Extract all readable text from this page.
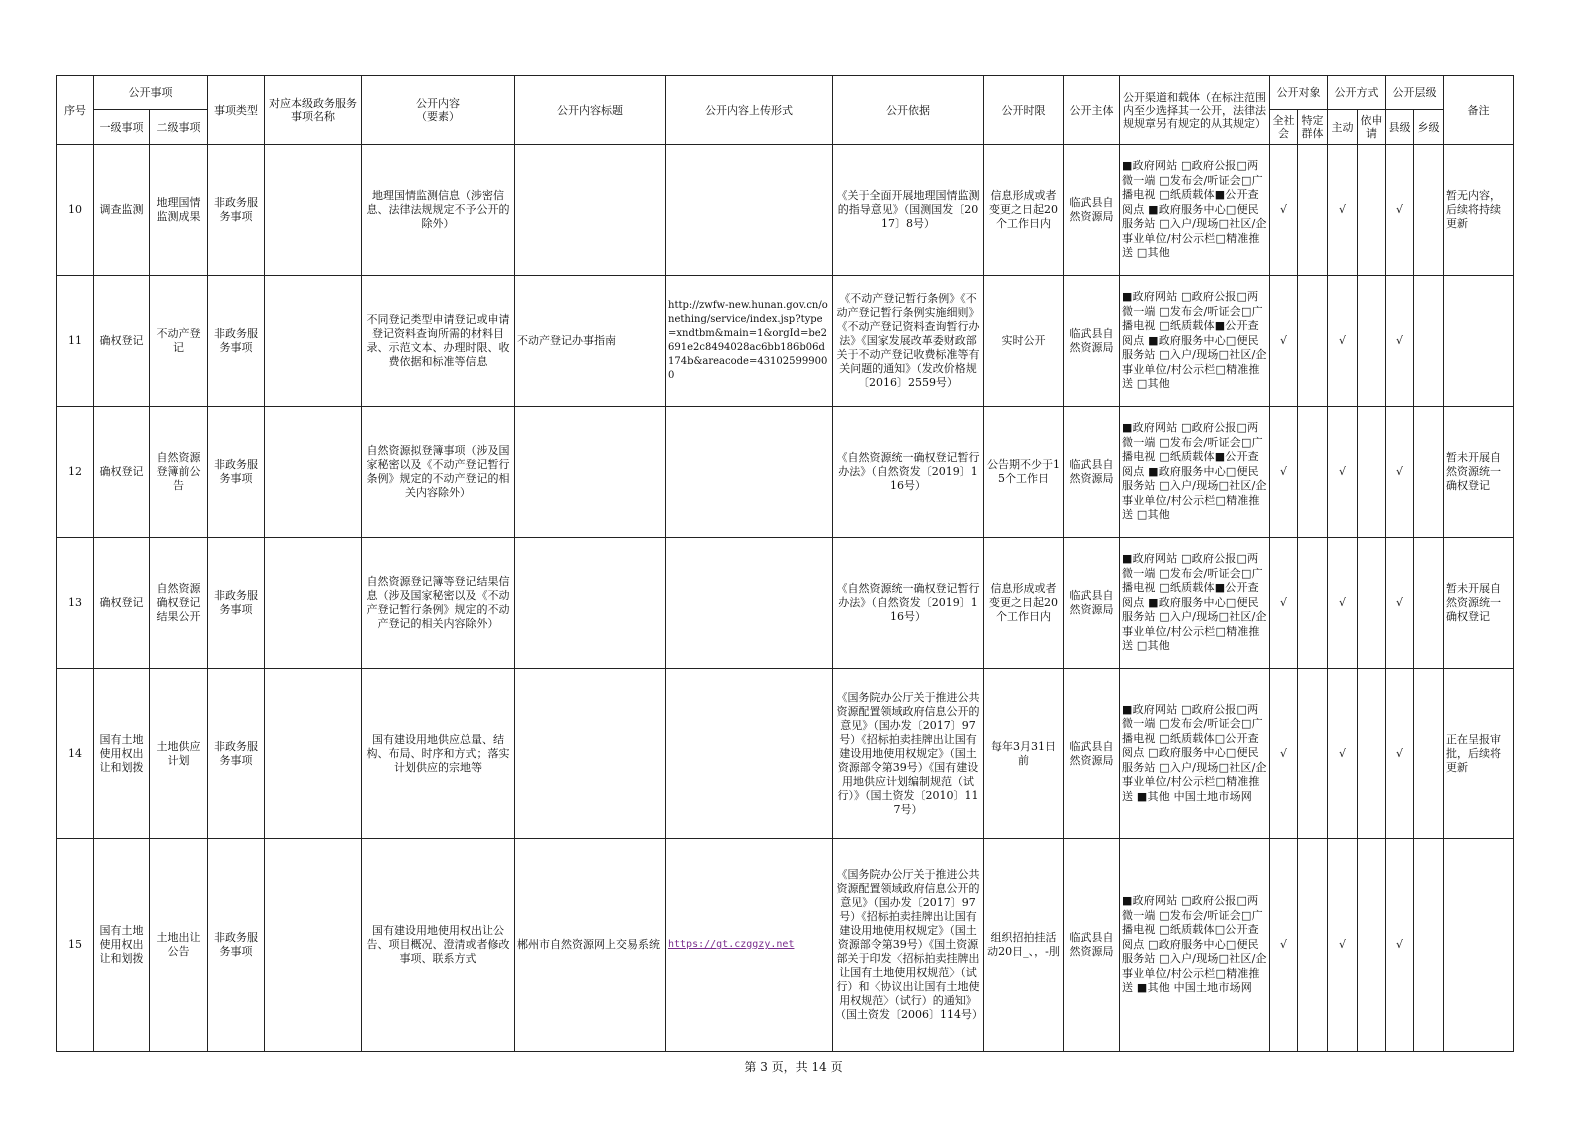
序号	公开事项		事项类型	对应本级政务服务事项名称	公开内容
（要素）	公开内容标题	公开内容上传形式	公开依据	公开时限	公开主体	公开渠道和载体（在标注范围内至少选择其一公开，法律法规规章另有规定的从其规定）	公开对象		公开方式		公开层级		备注
	一级事项	二级事项										全社会	特定群体	主动	依申请	县级	乡级	
10	调查监测	地理国情监测成果	非政务服务事项		地理国情监测信息（涉密信息、法律法规规定不予公开的除外）			《关于全面开展地理国情监测的指导意见》（国测国发〔2017〕8号）	信息形成或者变更之日起20个工作日内	临武县自然资源局	■政府网站 □政府公报□两微一端 □发布会/听证会□广播电视 □纸质载体■公开查阅点 ■政府服务中心□便民服务站 □入户/现场□社区/企事业单位/村公示栏□精准推送 □其他	√		√		√		暂无内容，后续将持续更新
11	确权登记	不动产登记	非政务服务事项		不同登记类型申请登记或申请登记资料查询所需的材料目录、示范文本、办理时限、收费依据和标准等信息	不动产登记办事指南	http://zwfw-new.hunan.gov.cn/onething/service/index.jsp?type=xndtbm&main=1&orgId=be2691e2c8494028ac6bb186b06d174b&areacode=431025999000	《不动产登记暂行条例》《不动产登记暂行条例实施细则》《不动产登记资料查询暂行办法》《国家发展改革委财政部关于不动产登记收费标准等有关问题的通知》（发改价格规〔2016〕2559号）	实时公开	临武县自然资源局	■政府网站 □政府公报□两微一端 □发布会/听证会□广播电视 □纸质载体■公开查阅点 ■政府服务中心□便民服务站 □入户/现场□社区/企事业单位/村公示栏□精准推送 □其他	√		√		√		
12	确权登记	自然资源登簿前公告	非政务服务事项		自然资源拟登簿事项（涉及国家秘密以及《不动产登记暂行条例》规定的不动产登记的相关内容除外）			《自然资源统一确权登记暂行办法》（自然资发〔2019〕116号）	公告期不少于15个工作日	临武县自然资源局	■政府网站 □政府公报□两微一端 □发布会/听证会□广播电视 □纸质载体■公开查阅点 ■政府服务中心□便民服务站 □入户/现场□社区/企事业单位/村公示栏□精准推送 □其他	√		√		√		暂未开展自然资源统一确权登记
13	确权登记	自然资源确权登记结果公开	非政务服务事项		自然资源登记簿等登记结果信息（涉及国家秘密以及《不动产登记暂行条例》规定的不动产登记的相关内容除外）			《自然资源统一确权登记暂行办法》（自然资发〔2019〕116号）	信息形成或者变更之日起20个工作日内	临武县自然资源局	■政府网站 □政府公报□两微一端 □发布会/听证会□广播电视 □纸质载体■公开查阅点 ■政府服务中心□便民服务站 □入户/现场□社区/企事业单位/村公示栏□精准推送 □其他	√		√		√		暂未开展自然资源统一确权登记
14	国有土地使用权出让和划拨	土地供应计划	非政务服务事项		国有建设用地供应总量、结构、布局、时序和方式；落实计划供应的宗地等			《国务院办公厅关于推进公共资源配置领域政府信息公开的意见》（国办发〔2017〕97号）《招标拍卖挂牌出让国有建设用地使用权规定》（国土资源部令第39号）《国有建设用地供应计划编制规范（试行）》（国土资发〔2010〕117号）	每年3月31日前	临武县自然资源局	■政府网站 □政府公报□两微一端 □发布会/听证会□广播电视 □纸质载体□公开查阅点 □政府服务中心□便民服务站 □入户/现场□社区/企事业单位/村公示栏□精准推送 ■其他 中国土地市场网	√		√		√		正在呈报审批，后续将更新
15	国有土地使用权出让和划拨	土地出让公告	非政务服务事项		国有建设用地使用权出让公告、项目概况、澄清或者修改事项、联系方式	郴州市自然资源网上交易系统	https://gt.czggzy.net	《国务院办公厅关于推进公共资源配置领域政府信息公开的意见》（国办发〔2017〕97号）《招标拍卖挂牌出让国有建设用地使用权规定》（国土资源部令第39号）《国土资源部关于印发〈招标拍卖挂牌出让国有土地使用权规范〉（试行）和〈协议出让国有土地使用权规范〉（试行）的通知》（国土资发〔2006〕114号）	组织招拍挂活动20日_、，-刖	临武县自然资源局	■政府网站 □政府公报□两微一端 □发布会/听证会□广播电视 □纸质载体□公开查阅点 □政府服务中心□便民服务站 □入户/现场□社区/企事业单位/村公示栏□精准推送 ■其他 中国土地市场网	√		√		√		
第 3 页，共 14 页
